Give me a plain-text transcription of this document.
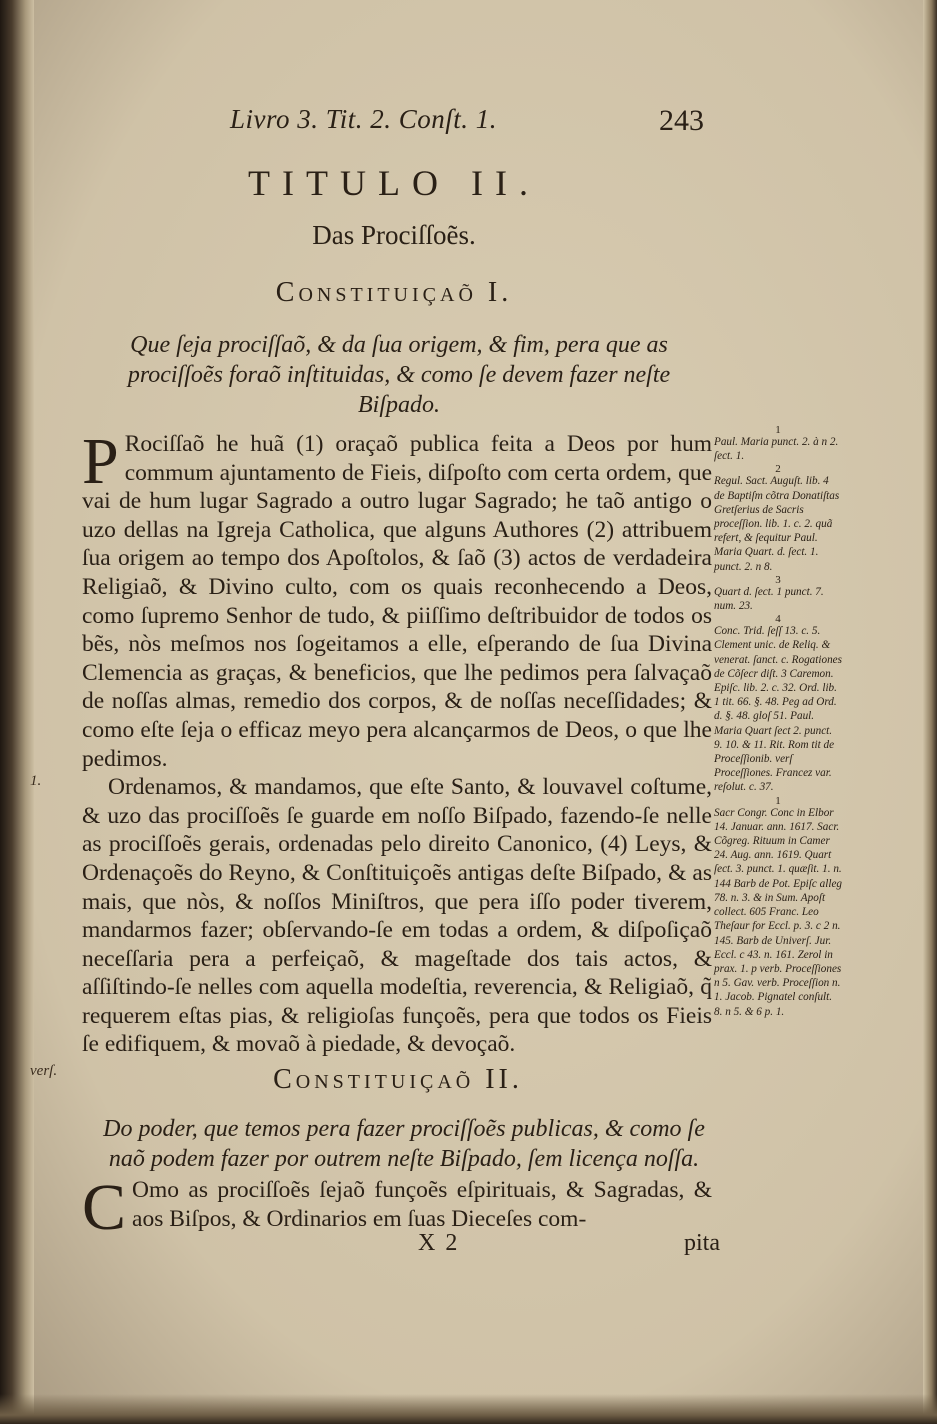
1.
verſ.
Livro 3. Tit. 2. Conſt. 1.	243
TITULO II.
Das Prociſſoẽs.
Constituiçaõ I.
Que ſeja prociſſaõ, & da ſua origem, & fim, pera que as prociſſoẽs foraõ inſtituidas, & como ſe devem fazer neſte Biſpado.

P Rociſſaõ he huã (1) oraçaõ publica feita a Deos por hum commum ajuntamento de Fieis, diſpoſto com certa ordem, que vai de hum lugar Sagrado a outro lugar Sagrado; he taõ antigo o uzo dellas na Igreja Catholica, que alguns Authores (2) attribuem ſua origem ao tempo dos Apoſtolos, & ſaõ (3) actos de verdadeira Religiaõ, & Divino culto, com os quais reconhecendo a Deos, como ſupremo Senhor de tudo, & piiſſimo deſtribuidor de todos os bẽs, nòs meſmos nos ſogeitamos a elle, eſperando de ſua Divina Clemencia as graças, & beneficios, que lhe pedimos pera ſalvaçaõ de noſſas almas, remedio dos corpos, & de noſſas neceſſidades; & como eſte ſeja o efficaz meyo pera alcançarmos de Deos, o que lhe pedimos.

Ordenamos, & mandamos, que eſte Santo, & louvavel coſtume, & uzo das prociſſoẽs ſe guarde em noſſo Biſpado, fazendo-ſe nelle as prociſſoẽs gerais, ordenadas pelo direito Canonico, (4) Leys, & Ordenaçoẽs do Reyno, & Conſtituiçoẽs antigas deſte Biſpado, & as mais, que nòs, & noſſos Miniſtros, que pera iſſo poder tiverem, mandarmos fazer; obſervando-ſe em todas a ordem, & diſpoſiçaõ neceſſaria pera a perfeiçaõ, & mageſtade dos tais actos, & aſſiſtindo-ſe nelles com aquella modeſtia, reverencia, & Religiaõ, q̃ requerem eſtas pias, & religioſas funçoẽs, pera que todos os Fieis ſe edifiquem, & movaõ à piedade, & devoçaõ.

Constituiçaõ II.
Do poder, que temos pera fazer prociſſoẽs publicas, & como ſe naõ podem fazer por outrem neſte Biſpado, ſem licença noſſa.
C Omo as prociſſoẽs ſejaõ funçoẽs eſpirituais, & Sagradas, & aos Biſpos, & Ordinarios em ſuas Dieceſes com-
X 2	pita

1
Paul. Maria punct. 2. à n 2. ſect. 1.

2
Regul. Sact. Auguſt. lib. 4 de Baptiſm cõtra Donatiſtas Gretſerius de Sacris proceſſion. lib. 1. c. 2. quã refert, & ſequitur Paul. Maria Quart. d. ſect. 1. punct. 2. n 8.

3
Quart d. ſect. 1 punct. 7. num. 23.

4
Conc. Trid. ſeſſ 13. c. 5. Clement unic. de Reliq. & venerat. ſanct. c. Rogationes de Cõſecr diſt. 3 Caremon. Epiſc. lib. 2. c. 32. Ord. lib. 1 tit. 66. §. 48. Peg ad Ord. d. §. 48. gloſ 51. Paul. Maria Quart ſect 2. punct. 9. 10. & 11. Rit. Rom tit de Proceſſionib. verſ Proceſſiones. Francez var. reſolut. c. 37.

1
Sacr Congr. Conc in Elbor 14. Januar. ann. 1617. Sacr. Cõgreg. Rituum in Camer 24. Aug. ann. 1619. Quart ſect. 3. punct. 1. quæſit. 1. n. 144 Barb de Pot. Epiſc alleg 78. n. 3. & in Sum. Apoſt collect. 605 Franc. Leo Theſaur for Eccl. p. 3. c 2 n. 145. Barb de Univerſ. Jur. Eccl. c 43. n. 161. Zerol in prax. 1. p verb. Proceſſiones n 5. Gav. verb. Proceſſion n. 1. Jacob. Pignatel conſult. 8. n 5. & 6 p. 1.
